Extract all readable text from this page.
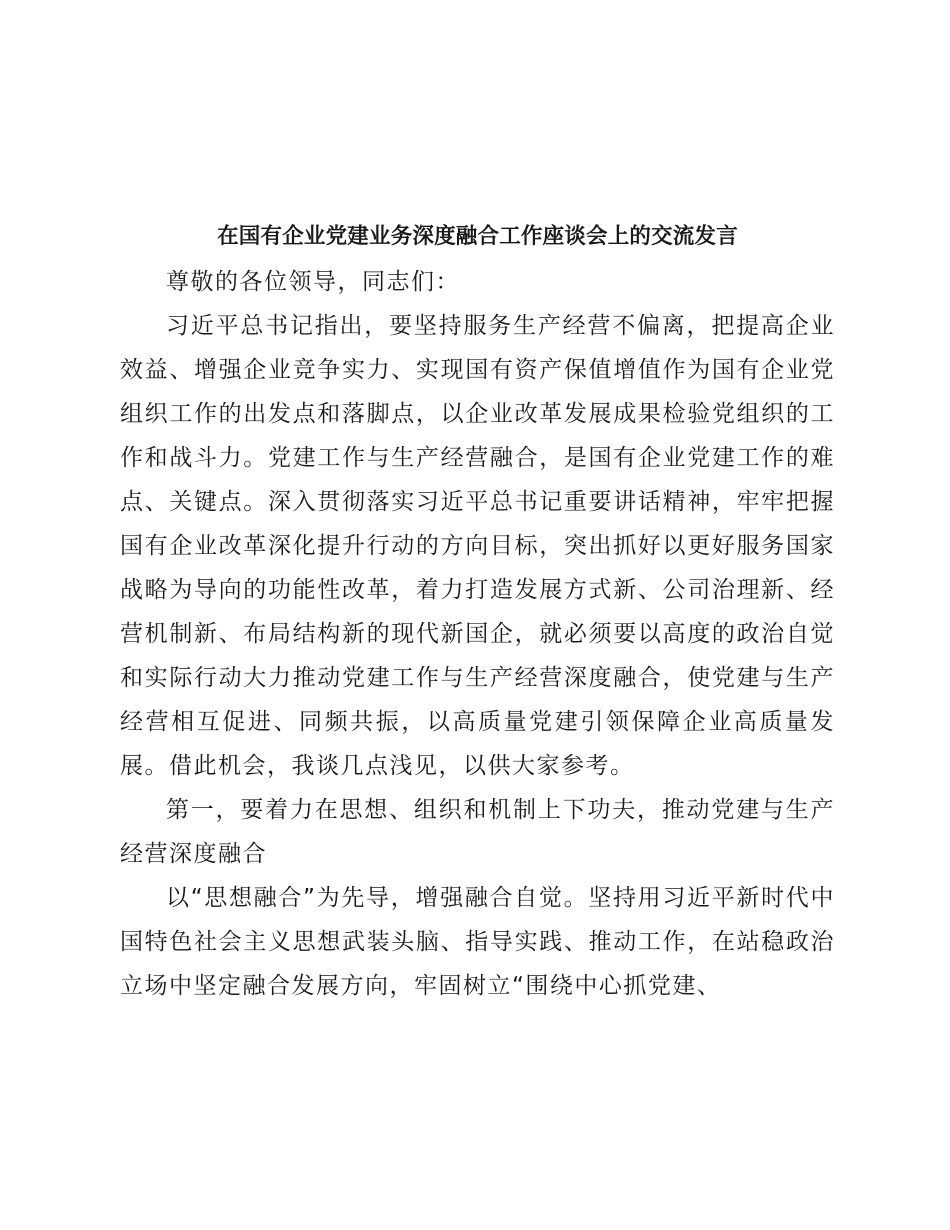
在国有企业党建业务深度融合工作座谈会上的交流发言

尊敬的各位领导，同志们：

习近平总书记指出，要坚持服务生产经营不偏离，把提高企业效益、增强企业竞争实力、实现国有资产保值增值作为国有企业党组织工作的出发点和落脚点，以企业改革发展成果检验党组织的工作和战斗力。党建工作与生产经营融合，是国有企业党建工作的难点、关键点。深入贯彻落实习近平总书记重要讲话精神，牢牢把握国有企业改革深化提升行动的方向目标，突出抓好以更好服务国家战略为导向的功能性改革，着力打造发展方式新、公司治理新、经营机制新、布局结构新的现代新国企，就必须要以高度的政治自觉和实际行动大力推动党建工作与生产经营深度融合，使党建与生产经营相互促进、同频共振，以高质量党建引领保障企业高质量发展。借此机会，我谈几点浅见，以供大家参考。

第一，要着力在思想、组织和机制上下功夫，推动党建与生产经营深度融合

以“思想融合”为先导，增强融合自觉。坚持用习近平新时代中国特色社会主义思想武装头脑、指导实践、推动工作，在站稳政治立场中坚定融合发展方向，牢固树立“围绕中心抓党建、
